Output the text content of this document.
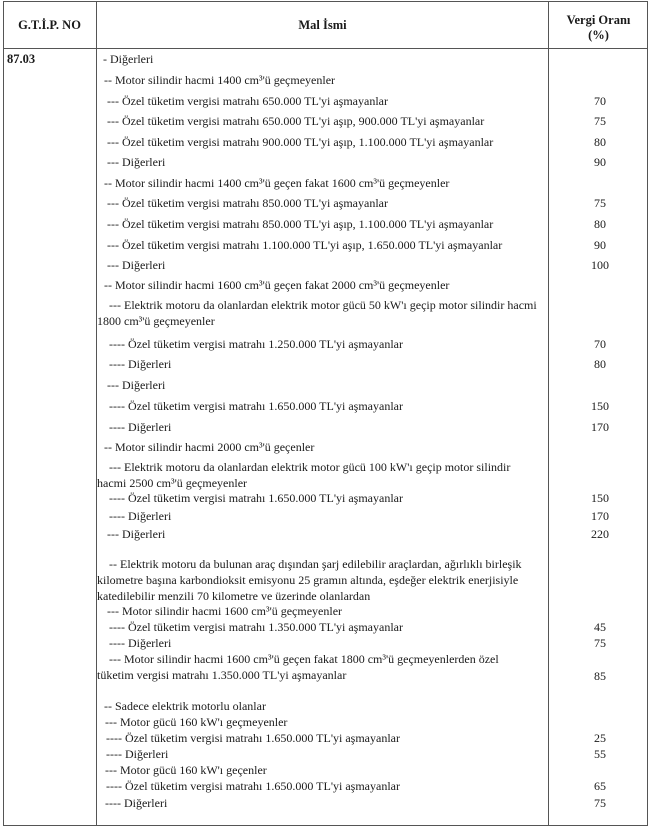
G.T.İ.P. NO	Mal İsmi	Vergi Oranı
(%)
87.03	- Diğerleri
-- Motor silindir hacmi 1400 cm³'ü geçmeyenler
--- Özel tüketim vergisi matrahı 650.000 TL'yi aşmayanlar	70
--- Özel tüketim vergisi matrahı 650.000 TL'yi aşıp, 900.000 TL'yi aşmayanlar	75
--- Özel tüketim vergisi matrahı 900.000 TL'yi aşıp, 1.100.000 TL'yi aşmayanlar	80
--- Diğerleri	90
-- Motor silindir hacmi 1400 cm³'ü geçen fakat 1600 cm³'ü geçmeyenler
--- Özel tüketim vergisi matrahı 850.000 TL'yi aşmayanlar	75
--- Özel tüketim vergisi matrahı 850.000 TL'yi aşıp, 1.100.000 TL'yi aşmayanlar	80
--- Özel tüketim vergisi matrahı 1.100.000 TL'yi aşıp, 1.650.000 TL'yi aşmayanlar	90
--- Diğerleri	100
-- Motor silindir hacmi 1600 cm³'ü geçen fakat 2000 cm³'ü geçmeyenler
--- Elektrik motoru da olanlardan elektrik motor gücü 50 kW'ı geçip motor silindir hacmi 1800 cm³'ü geçmeyenler
---- Özel tüketim vergisi matrahı 1.250.000 TL'yi aşmayanlar	70
---- Diğerleri	80
--- Diğerleri
---- Özel tüketim vergisi matrahı 1.650.000 TL'yi aşmayanlar	150
---- Diğerleri	170
-- Motor silindir hacmi 2000 cm³'ü geçenler
--- Elektrik motoru da olanlardan elektrik motor gücü 100 kW'ı geçip motor silindir hacmi 2500 cm³'ü geçmeyenler
---- Özel tüketim vergisi matrahı 1.650.000 TL'yi aşmayanlar	150
---- Diğerleri	170
--- Diğerleri	220
-- Elektrik motoru da bulunan araç dışından şarj edilebilir araçlardan, ağırlıklı birleşik kilometre başına karbondioksit emisyonu 25 gramın altında, eşdeğer elektrik enerjisiyle katedilebilir menzili 70 kilometre ve üzerinde olanlardan
--- Motor silindir hacmi 1600 cm³'ü geçmeyenler
---- Özel tüketim vergisi matrahı 1.350.000 TL'yi aşmayanlar	45
---- Diğerleri	75
--- Motor silindir hacmi 1600 cm³'ü geçen fakat 1800 cm³'ü geçmeyenlerden özel tüketim vergisi matrahı 1.350.000 TL'yi aşmayanlar	85
-- Sadece elektrik motorlu olanlar
--- Motor gücü 160 kW'ı geçmeyenler
---- Özel tüketim vergisi matrahı 1.650.000 TL'yi aşmayanlar	25
---- Diğerleri	55
--- Motor gücü 160 kW'ı geçenler
---- Özel tüketim vergisi matrahı 1.650.000 TL'yi aşmayanlar	65
---- Diğerleri	75
